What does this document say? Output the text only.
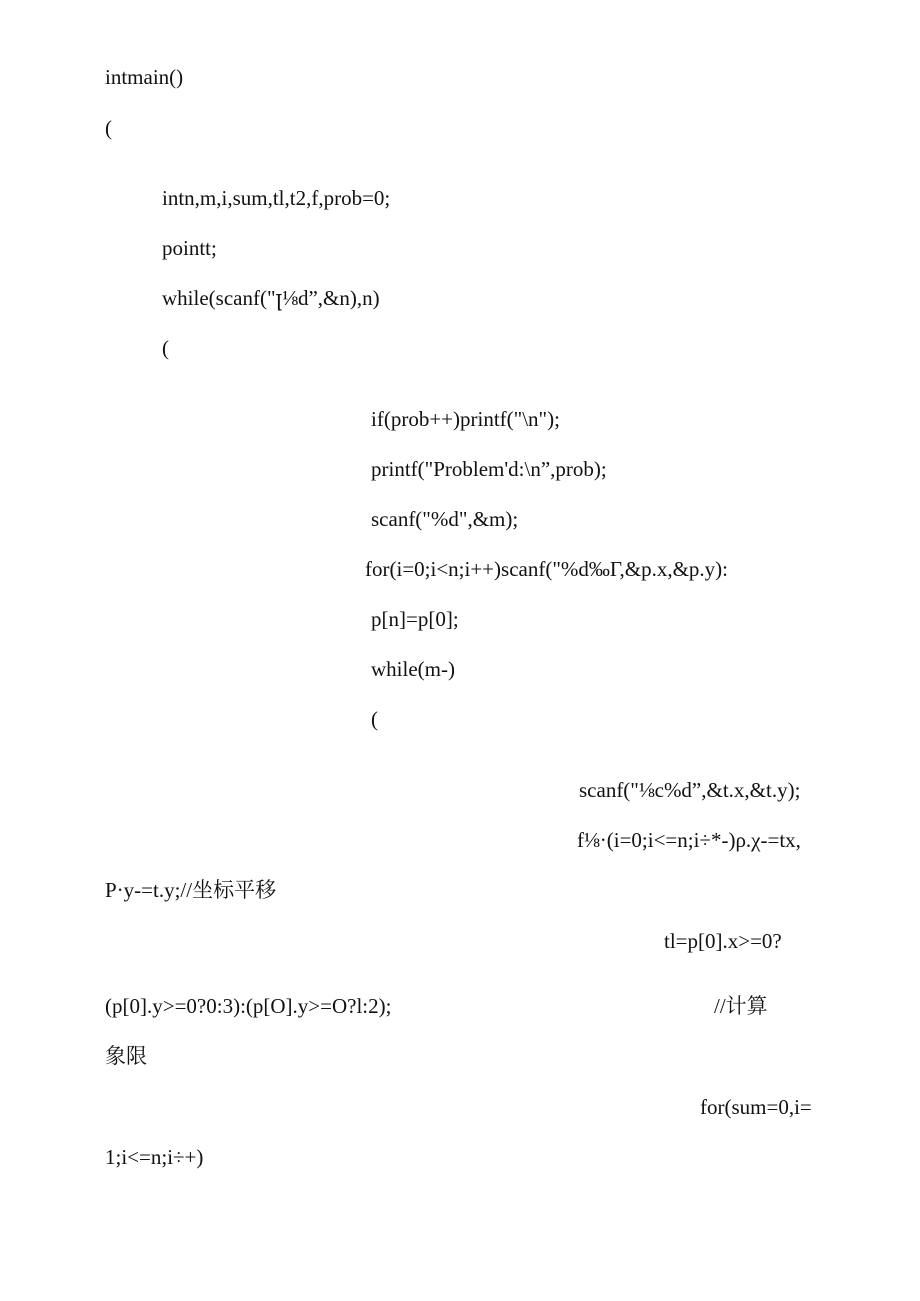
intmain()
(
intn,m,i,sum,tl,t2,f,prob=0;
pointt;
while(scanf("ꞁ⅛d”,&n),n)
(
if(prob++)printf("\n");
printf("Problem'd:\n”,prob);
scanf("%d",&m);
for(i=0;i<n;i++)scanf("%d‰Γ,&p.x,&p.y):
p[n]=p[0];
while(m-)
(
scanf("⅛c%d”,&t.x,&t.y);
f⅛·(i=0;i<=n;i÷*-)ρ.χ-=tx,
P·y-=t.y;//坐标平移
tl=p[0].x>=0?
(p[0].y>=0?0:3):(p[O].y>=O?l:2);	//计算
象限
for(sum=0,i=
1;i<=n;i÷+)
